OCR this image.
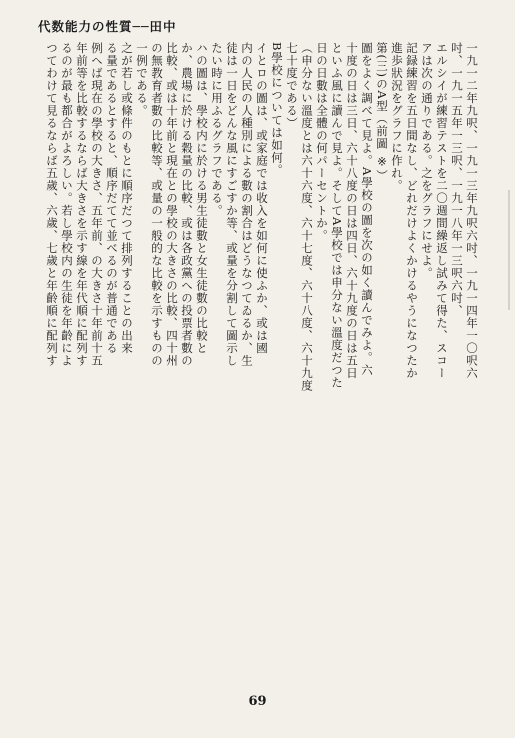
代数能力の性質──田中
一九一二年九呎、一九一三年九呎六吋、一九一四年一〇呎六
吋、一九一五年一三呎、一九一八年一三呎六吋、
エルシイが練習テストを二〇週間繰返し試みて得た、スコー
アは次の通りである。之をグラフにせよ。
記録練習を五日間なし、どれだけよくかけるやうになつたか
進歩狀況をグラフに作れ。
第(三)のA型（前圖 ※）
圖をよく調べて見よ。A學校の圖を次の如く讀んでみよ。六
十度の日は三日、六十八度の日は四日、六十九度の日は五日
といふ風に讀んで見よ。そしてA學校では申分ない溫度だつた
日の日數は全體の何パーセントか。
（申分ない溫度とは六十六度、六十七度、六十八度、六十九度
七十度である）
B學校については如何。
イとロの圖は、或家庭では收入を如何に使ふか、或は國
内の人民の人種別による數の割合はどうなつてゐるか、生
徒は一日をどんな風にすごすか等、或量を分割して圖示し
たい時に用ふるグラフである。
ハの圖は、學校内に於ける男生徒數と女生徒數の比較と
か、農場に於ける穀量の比較、或は各政黨への投票者數の
比較、或は十年前と現在との學校の大きさの比較、四十州
の無教育者數の比較等、或量の一般的な比較を示すものの
一例である。
之が若し或條件のもとに順序だつて排列することの出来
る量であるとすると、順序だてて並べるのが普通である
例へば現在の學校の大きさ、五年前、の大きさ十年前十五
年前等を比較するならば大きさを示す線を年代順に配列す
るのが最も都合がよろしい。若し學校内の生徒を年齡によ
つてわけて見るならば五歲、六歲、七歲と年齡順に配列す
69
